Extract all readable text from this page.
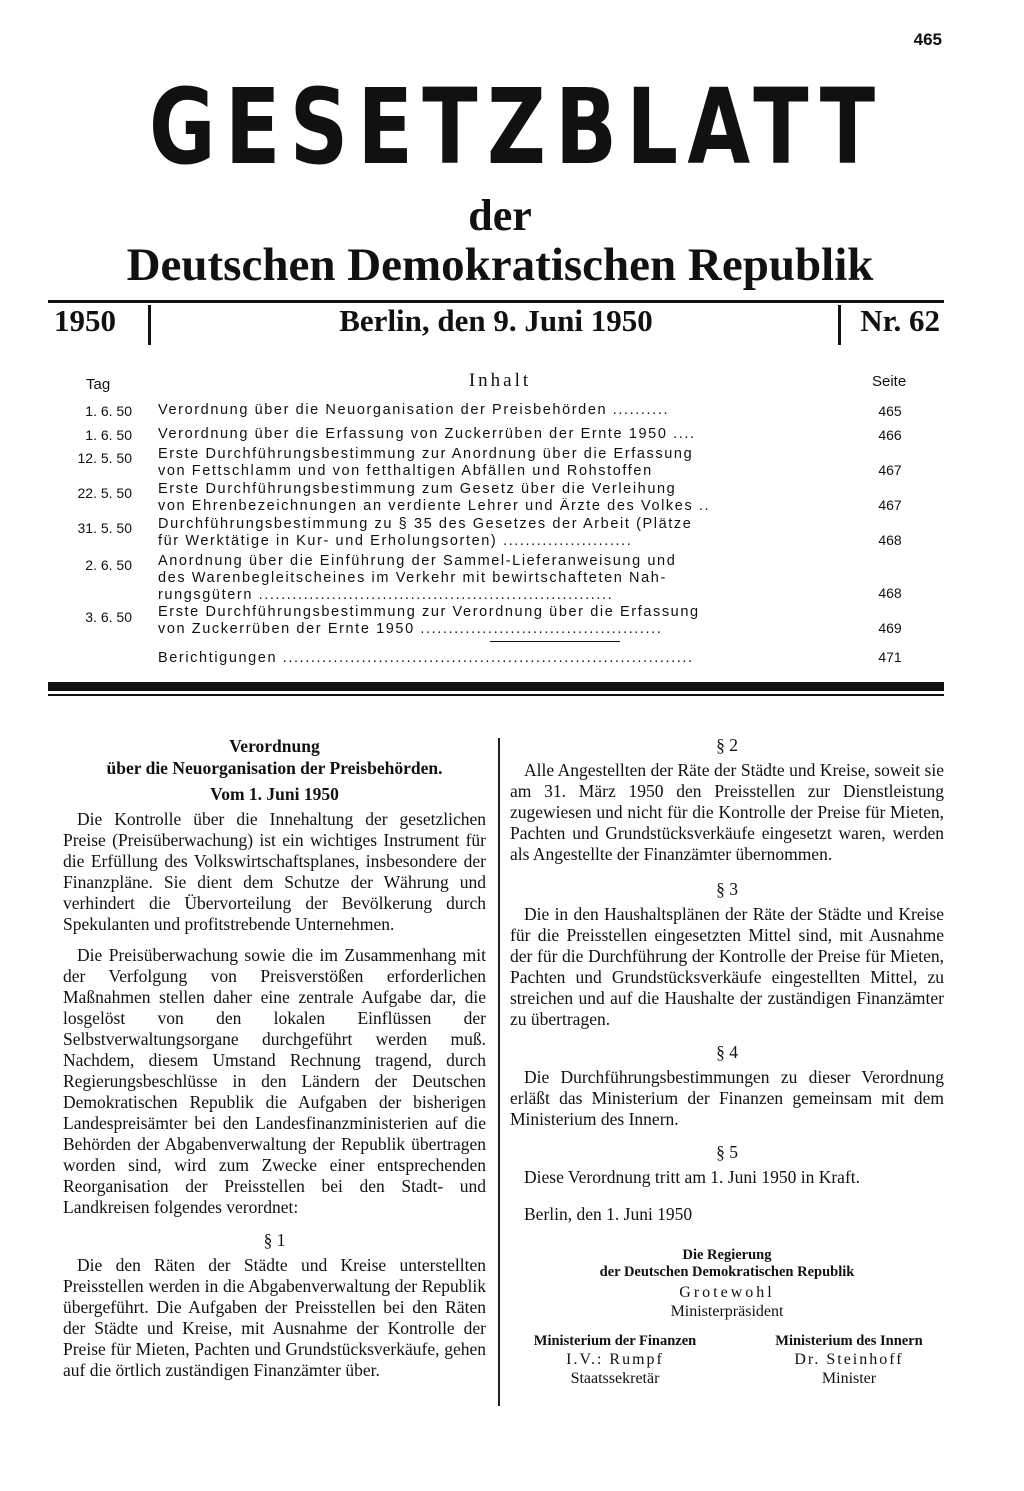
465
GESETZBLATT
der
Deutschen Demokratischen Republik
Berlin, den 9. Juni 1950
1950	Nr. 62
Tag	Inhalt	Seite
1. 6. 50 Verordnung über die Neuorganisation der Preisbehörden ..........	465
1. 6. 50 Verordnung über die Erfassung von Zuckerrüben der Ernte 1950 ....	466
12. 5. 50 Erste Durchführungsbestimmung zur Anordnung über die Erfassung
von Fettschlamm und von fetthaltigen Abfällen und Rohstoffen	467
22. 5. 50 Erste Durchführungsbestimmung zum Gesetz über die Verleihung
von Ehrenbezeichnungen an verdiente Lehrer und Ärzte des Volkes ..	467
31. 5. 50 Durchführungsbestimmung zu § 35 des Gesetzes der Arbeit (Plätze
für Werktätige in Kur- und Erholungsorten) .......................	468
2. 6. 50 Anordnung über die Einführung der Sammel-Lieferanweisung und
des Warenbegleitscheines im Verkehr mit bewirtschafteten Nah-
rungsgütern ...............................................................	468
3. 6. 50 Erste Durchführungsbestimmung zur Verordnung über die Erfassung
von Zuckerrüben der Ernte 1950 ...........................................	469
Berichtigungen .........................................................................	471

Verordnung

über die Neuorganisation der Preisbehörden.

Vom 1. Juni 1950

Die Kontrolle über die Innehaltung der gesetzlichen Preise (Preisüberwachung) ist ein wichtiges Instrument für die Erfüllung des Volkswirtschaftsplanes, insbesondere der Finanzpläne. Sie dient dem Schutze der Währung und verhindert die Übervorteilung der Bevölkerung durch Spekulanten und profitstrebende Unternehmen.

Die Preisüberwachung sowie die im Zusammenhang mit der Verfolgung von Preisverstößen erforderlichen Maßnahmen stellen daher eine zentrale Aufgabe dar, die losgelöst von den lokalen Einflüssen der Selbstverwaltungsorgane durchgeführt werden muß. Nachdem, diesem Umstand Rechnung tragend, durch Regierungsbeschlüsse in den Ländern der Deutschen Demokratischen Republik die Aufgaben der bisherigen Landespreisämter bei den Landesfinanzministerien auf die Behörden der Abgabenverwaltung der Republik übertragen worden sind, wird zum Zwecke einer entsprechenden Reorganisation der Preisstellen bei den Stadt- und Landkreisen folgendes verordnet:

§ 1

Die den Räten der Städte und Kreise unterstellten Preisstellen werden in die Abgabenverwaltung der Republik übergeführt. Die Aufgaben der Preisstellen bei den Räten der Städte und Kreise, mit Ausnahme der Kontrolle der Preise für Mieten, Pachten und Grundstücksverkäufe, gehen auf die örtlich zuständigen Finanzämter über.

§ 2

Alle Angestellten der Räte der Städte und Kreise, soweit sie am 31. März 1950 den Preisstellen zur Dienstleistung zugewiesen und nicht für die Kontrolle der Preise für Mieten, Pachten und Grundstücksverkäufe eingesetzt waren, werden als Angestellte der Finanzämter übernommen.

§ 3

Die in den Haushaltsplänen der Räte der Städte und Kreise für die Preisstellen eingesetzten Mittel sind, mit Ausnahme der für die Durchführung der Kontrolle der Preise für Mieten, Pachten und Grundstücksverkäufe eingestellten Mittel, zu streichen und auf die Haushalte der zuständigen Finanzämter zu übertragen.

§ 4

Die Durchführungsbestimmungen zu dieser Verordnung erläßt das Ministerium der Finanzen gemeinsam mit dem Ministerium des Innern.

§ 5

Diese Verordnung tritt am 1. Juni 1950 in Kraft.

Berlin, den 1. Juni 1950

Die Regierung
der Deutschen Demokratischen Republik
Grotewohl
Ministerpräsident
Ministerium der Finanzen
I.V.: Rumpf
Staatssekretär
Ministerium des Innern
Dr. Steinhoff
Minister
